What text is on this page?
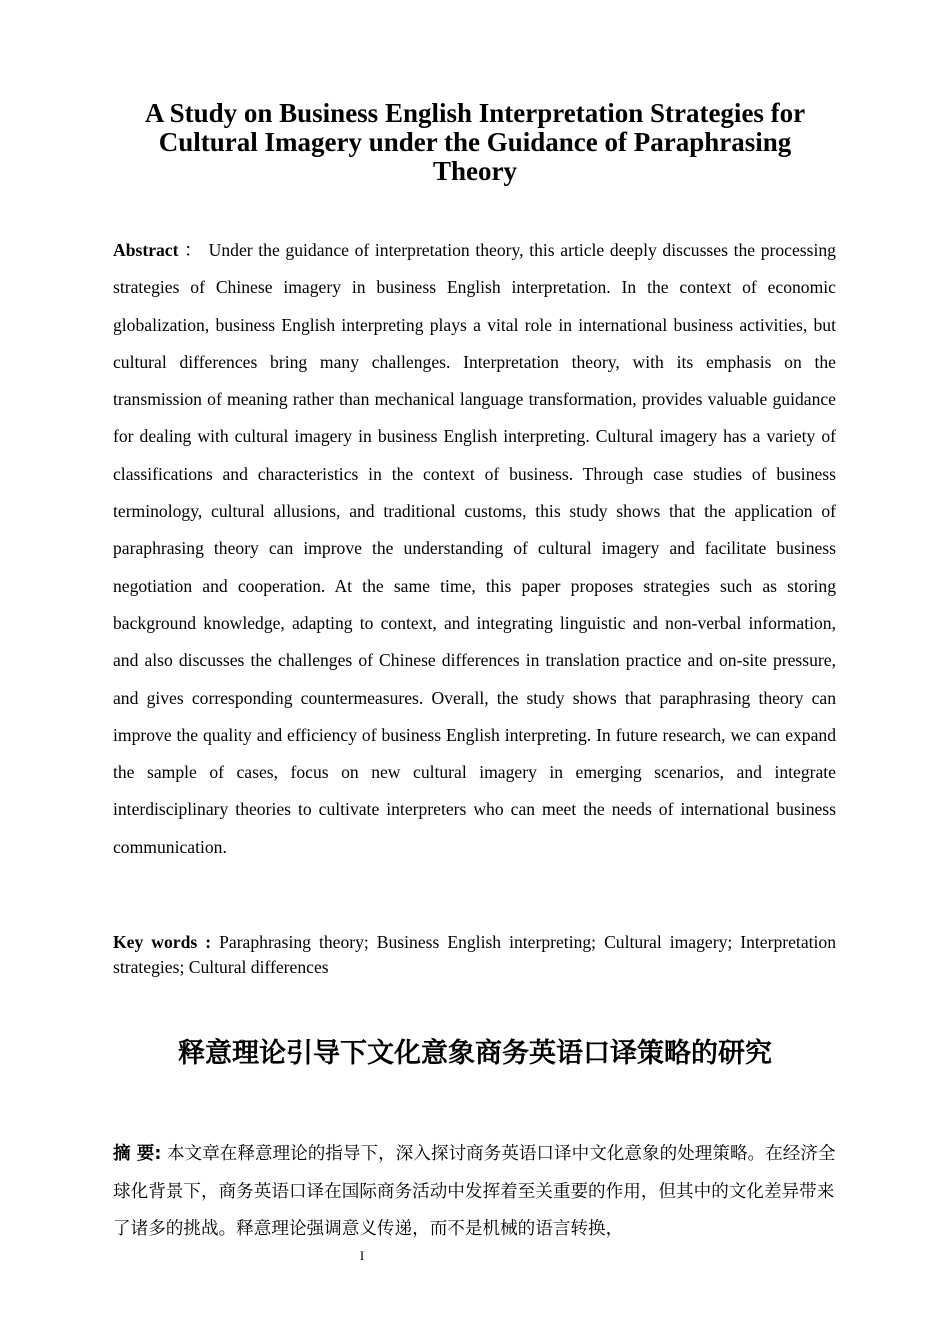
A Study on Business English Interpretation Strategies for
Cultural Imagery under the Guidance of Paraphrasing
Theory

Abstract ： Under the guidance of interpretation theory, this article deeply discusses the processing strategies of Chinese imagery in business English interpretation. In the context of economic globalization, business English interpreting plays a vital role in international business activities, but cultural differences bring many challenges. Interpretation theory, with its emphasis on the transmission of meaning rather than mechanical language transformation, provides valuable guidance for dealing with cultural imagery in business English interpreting. Cultural imagery has a variety of classifications and characteristics in the context of business. Through case studies of business terminology, cultural allusions, and traditional customs, this study shows that the application of paraphrasing theory can improve the understanding of cultural imagery and facilitate business negotiation and cooperation. At the same time, this paper proposes strategies such as storing background knowledge, adapting to context, and integrating linguistic and non-verbal information, and also discusses the challenges of Chinese differences in translation practice and on-site pressure, and gives corresponding countermeasures. Overall, the study shows that paraphrasing theory can improve the quality and efficiency of business English interpreting. In future research, we can expand the sample of cases, focus on new cultural imagery in emerging scenarios, and integrate interdisciplinary theories to cultivate interpreters who can meet the needs of international business communication.

Key words : Paraphrasing theory; Business English interpreting; Cultural imagery; Interpretation strategies; Cultural differences

释意理论引导下文化意象商务英语口译策略的研究

摘 要: 本文章在释意理论的指导下，深入探讨商务英语口译中文化意象的处理策略。在经济全球化背景下，商务英语口译在国际商务活动中发挥着至关重要的作用，但其中的文化差异带来了诸多的挑战。释意理论强调意义传递，而不是机械的语言转换，

I
